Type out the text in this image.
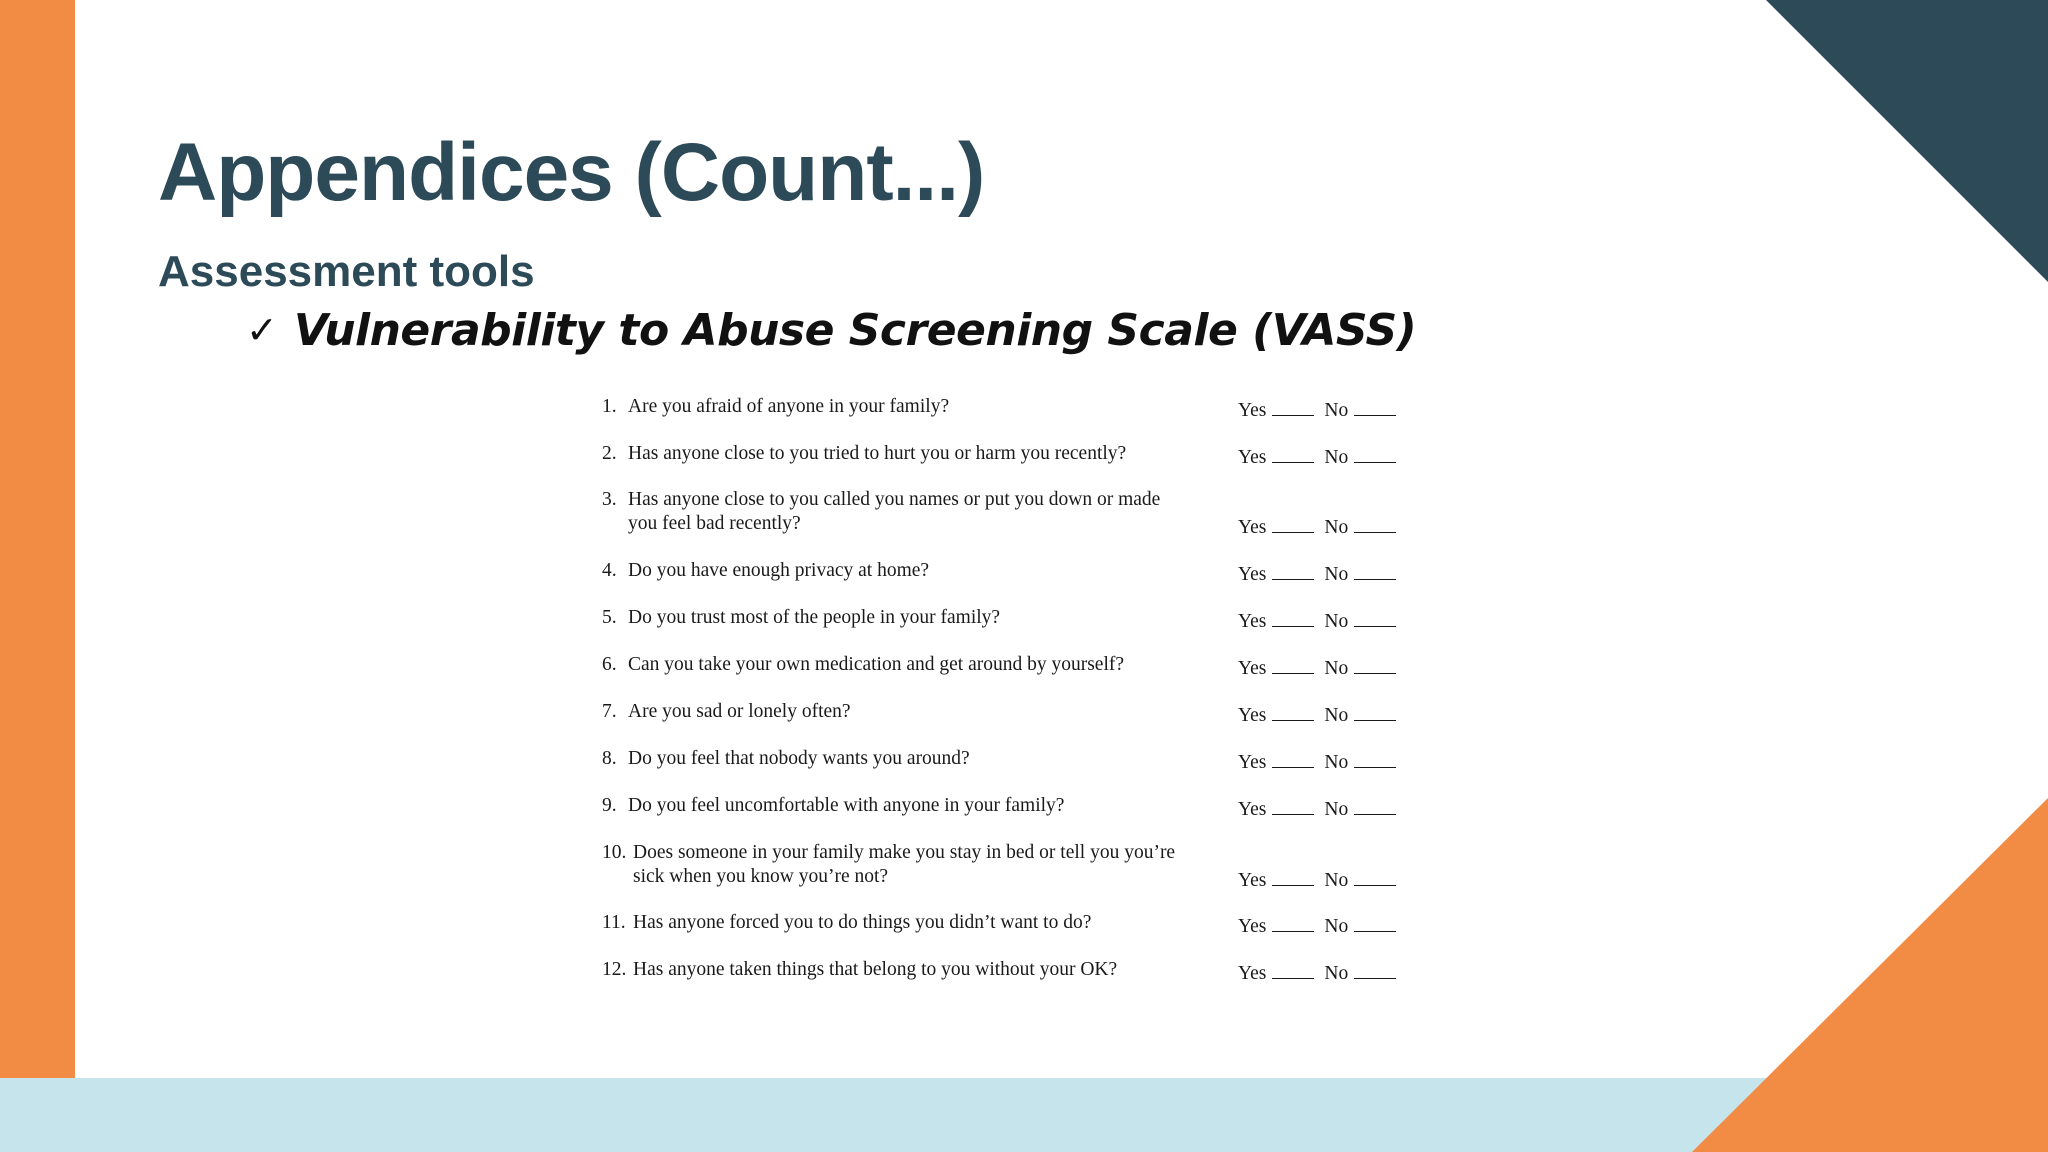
Appendices (Count...)
Assessment tools
✓ Vulnerability to Abuse Screening Scale (VASS)
1. Are you afraid of anyone in your family?	Yes	No
2. Has anyone close to you tried to hurt you or harm you recently?	Yes	No
3. Has anyone close to you called you names or put you down or made
you feel bad recently?	Yes	No
4. Do you have enough privacy at home?	Yes	No
5. Do you trust most of the people in your family?	Yes	No
6. Can you take your own medication and get around by yourself?	Yes	No
7. Are you sad or lonely often?	Yes	No
8. Do you feel that nobody wants you around?	Yes	No
9. Do you feel uncomfortable with anyone in your family?	Yes	No
10. Does someone in your family make you stay in bed or tell you you’re
sick when you know you’re not?	Yes	No
11. Has anyone forced you to do things you didn’t want to do?	Yes	No
12. Has anyone taken things that belong to you without your OK?	Yes	No
